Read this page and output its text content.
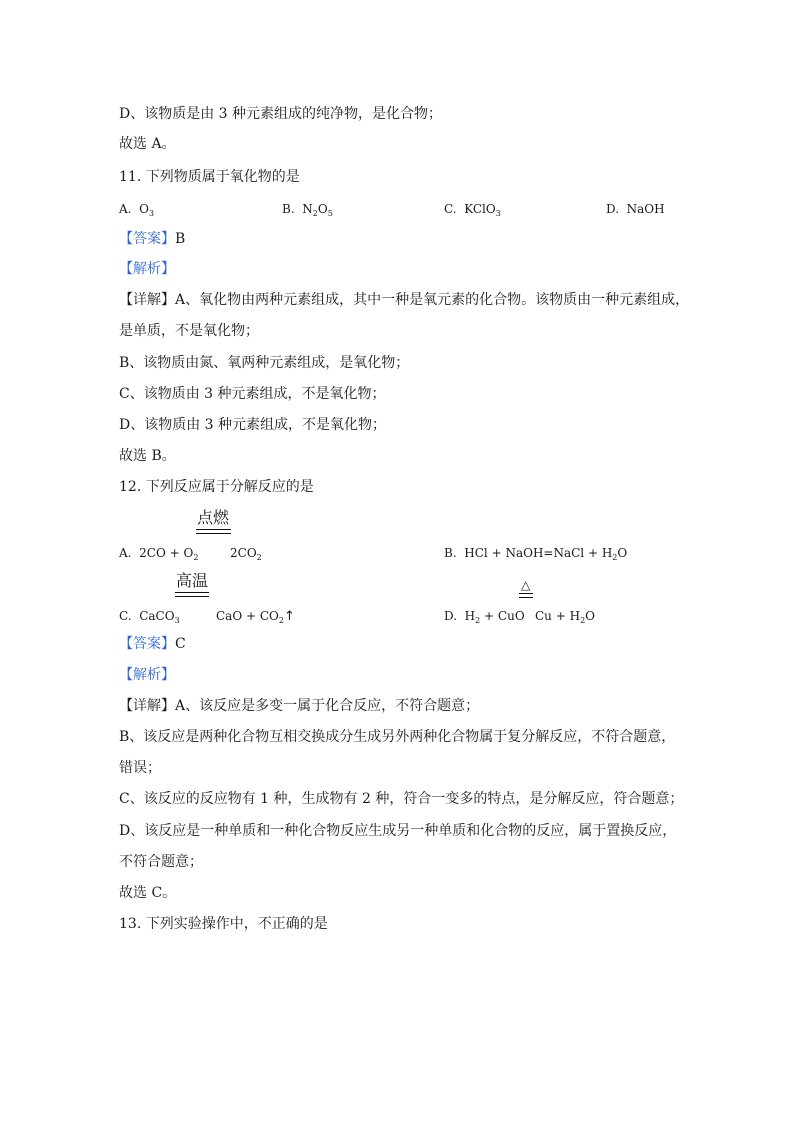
D、该物质是由 3 种元素组成的纯净物，是化合物；
故选 A。
11. 下列物质属于氧化物的是
A. $O_3$	B. $N_2O_5$	C. KClO$_3$	D. NaOH
【答案】B
【解析】
【详解】A、氧化物由两种元素组成，其中一种是氧元素的化合物。该物质由一种元素组成，
是单质，不是氧化物；
B、该物质由氮、氧两种元素组成，是氧化物；
C、该物质由 3 种元素组成，不是氧化物；
D、该物质由 3 种元素组成，不是氧化物；
故选 B。
12. 下列反应属于分解反应的是
点燃
A. $2CO + O_2$	$2CO_2$	B. HCl + NaOH=NaCl + $H_2O$
高温	△
C. CaCO$_3$	CaO + $CO_2↑$	D. $H_2$ + CuO $Cu + H_2O$
【答案】C
【解析】
【详解】A、该反应是多变一属于化合反应，不符合题意；
B、该反应是两种化合物互相交换成分生成另外两种化合物属于复分解反应，不符合题意，
错误；
C、该反应的反应物有 1 种，生成物有 2 种，符合一变多的特点，是分解反应，符合题意；
D、该反应是一种单质和一种化合物反应生成另一种单质和化合物的反应，属于置换反应，
不符合题意；
故选 C。
13. 下列实验操作中，不正确的是
